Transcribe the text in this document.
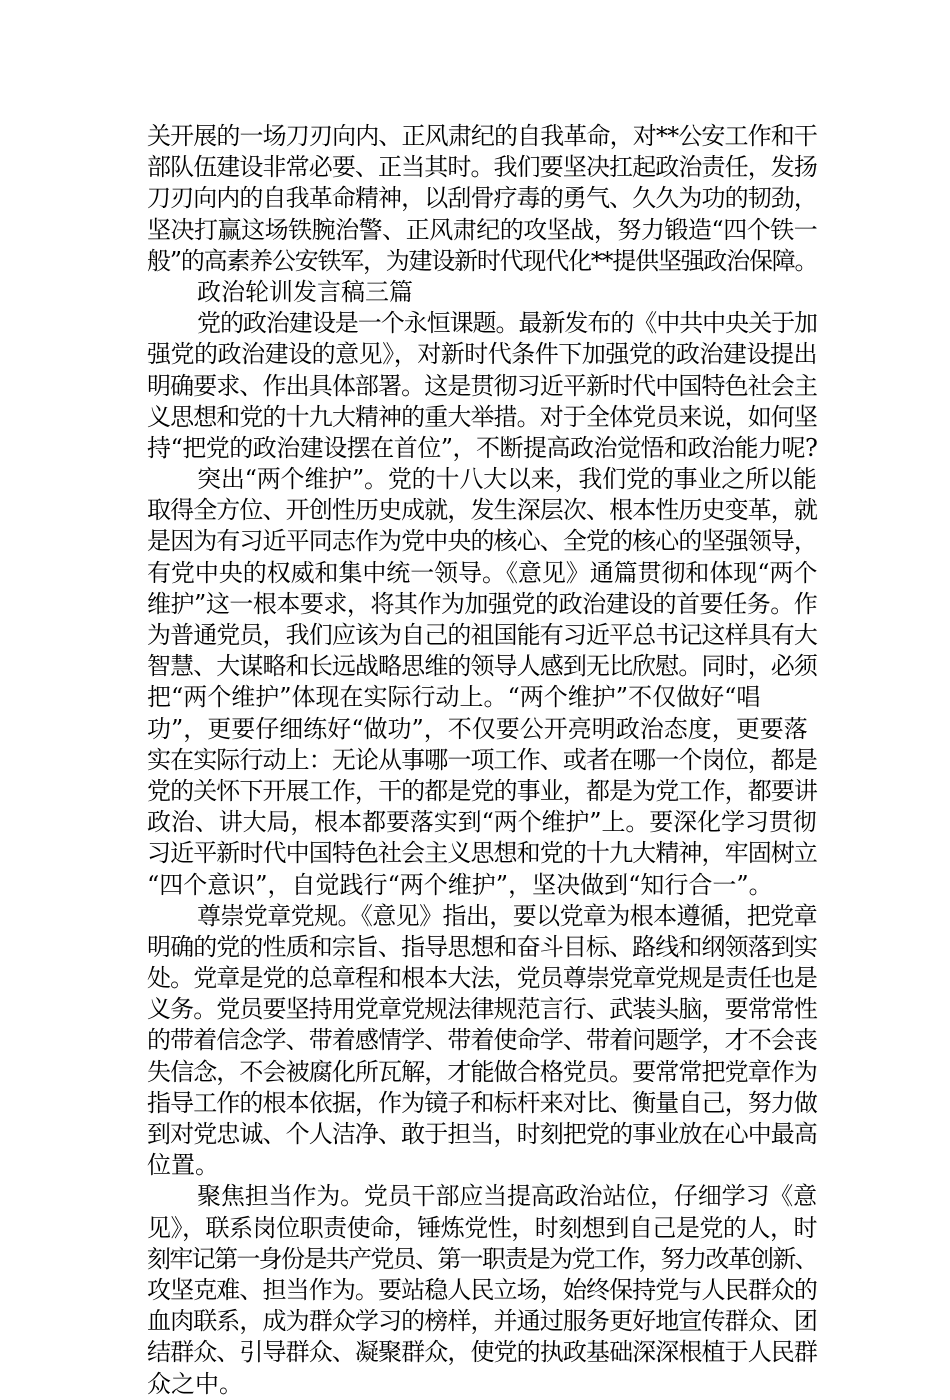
关开展的一场刀刃向内、正风肃纪的自我革命，对**公安工作和干
部队伍建设非常必要、正当其时。我们要坚决扛起政治责任，发扬
刀刃向内的自我革命精神，以刮骨疗毒的勇气、久久为功的韧劲，
坚决打赢这场铁腕治警、正风肃纪的攻坚战，努力锻造“四个铁一
般”的高素养公安铁军，为建设新时代现代化**提供坚强政治保障。
政治轮训发言稿三篇
党的政治建设是一个永恒课题。最新发布的《中共中央关于加
强党的政治建设的意见》，对新时代条件下加强党的政治建设提出
明确要求、作出具体部署。这是贯彻习近平新时代中国特色社会主
义思想和党的十九大精神的重大举措。对于全体党员来说，如何坚
持“把党的政治建设摆在首位”，不断提高政治觉悟和政治能力呢?
突出“两个维护”。党的十八大以来，我们党的事业之所以能
取得全方位、开创性历史成就，发生深层次、根本性历史变革，就
是因为有习近平同志作为党中央的核心、全党的核心的坚强领导，
有党中央的权威和集中统一领导。《意见》通篇贯彻和体现“两个
维护”这一根本要求，将其作为加强党的政治建设的首要任务。作
为普通党员，我们应该为自己的祖国能有习近平总书记这样具有大
智慧、大谋略和长远战略思维的领导人感到无比欣慰。同时，必须
把“两个维护”体现在实际行动上。“两个维护”不仅做好“唱
功”，更要仔细练好“做功”，不仅要公开亮明政治态度，更要落
实在实际行动上：无论从事哪一项工作、或者在哪一个岗位，都是
党的关怀下开展工作，干的都是党的事业，都是为党工作，都要讲
政治、讲大局，根本都要落实到“两个维护”上。要深化学习贯彻
习近平新时代中国特色社会主义思想和党的十九大精神，牢固树立
“四个意识”，自觉践行“两个维护”，坚决做到“知行合一”。
尊崇党章党规。《意见》指出，要以党章为根本遵循，把党章
明确的党的性质和宗旨、指导思想和奋斗目标、路线和纲领落到实
处。党章是党的总章程和根本大法，党员尊崇党章党规是责任也是
义务。党员要坚持用党章党规法律规范言行、武装头脑，要常常性
的带着信念学、带着感情学、带着使命学、带着问题学，才不会丧
失信念，不会被腐化所瓦解，才能做合格党员。要常常把党章作为
指导工作的根本依据，作为镜子和标杆来对比、衡量自己，努力做
到对党忠诚、个人洁净、敢于担当，时刻把党的事业放在心中最高
位置。
聚焦担当作为。党员干部应当提高政治站位，仔细学习《意
见》，联系岗位职责使命，锤炼党性，时刻想到自己是党的人，时
刻牢记第一身份是共产党员、第一职责是为党工作，努力改革创新、
攻坚克难、担当作为。要站稳人民立场，始终保持党与人民群众的
血肉联系，成为群众学习的榜样，并通过服务更好地宣传群众、团
结群众、引导群众、凝聚群众，使党的执政基础深深根植于人民群
众之中。
